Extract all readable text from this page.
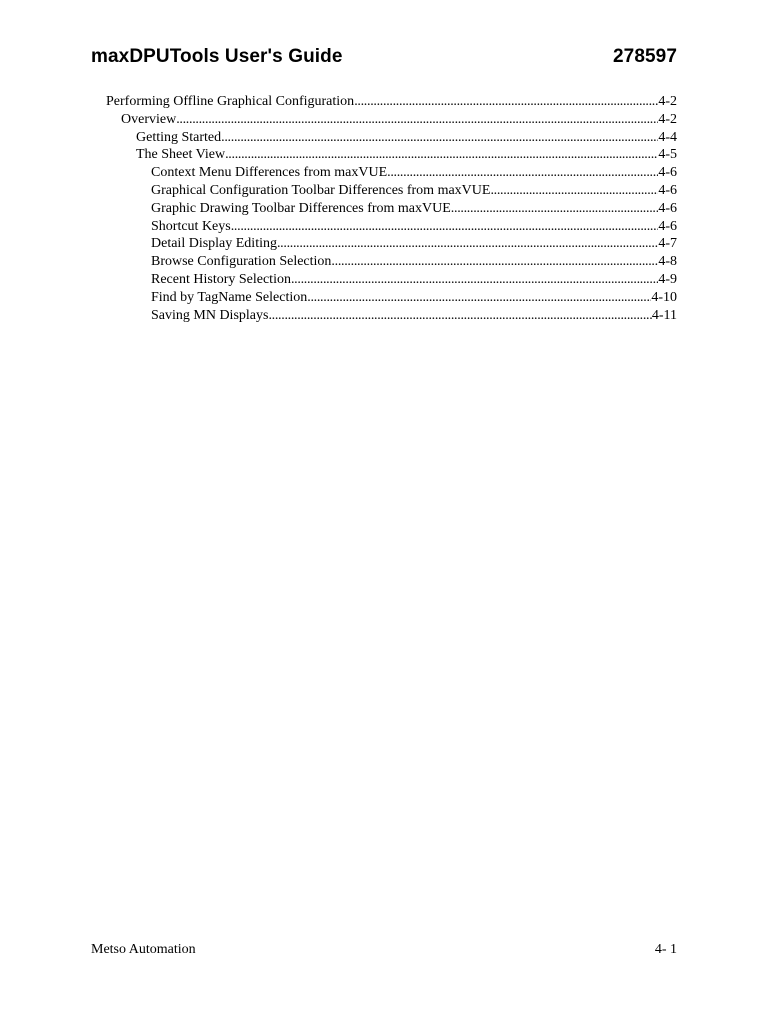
maxDPUTools User's Guide	278597
Performing Offline Graphical Configuration .....	4-2
Overview .....	4-2
Getting Started .....	4-4
The Sheet View .....	4-5
Context Menu Differences from maxVUE .....	4-6
Graphical Configuration Toolbar Differences from maxVUE .....	4-6
Graphic Drawing Toolbar Differences from maxVUE .....	4-6
Shortcut Keys .....	4-6
Detail Display Editing .....	4-7
Browse Configuration Selection .....	4-8
Recent History Selection .....	4-9
Find by TagName Selection .....	4-10
Saving MN Displays .....	4-11
Metso Automation	4- 1
